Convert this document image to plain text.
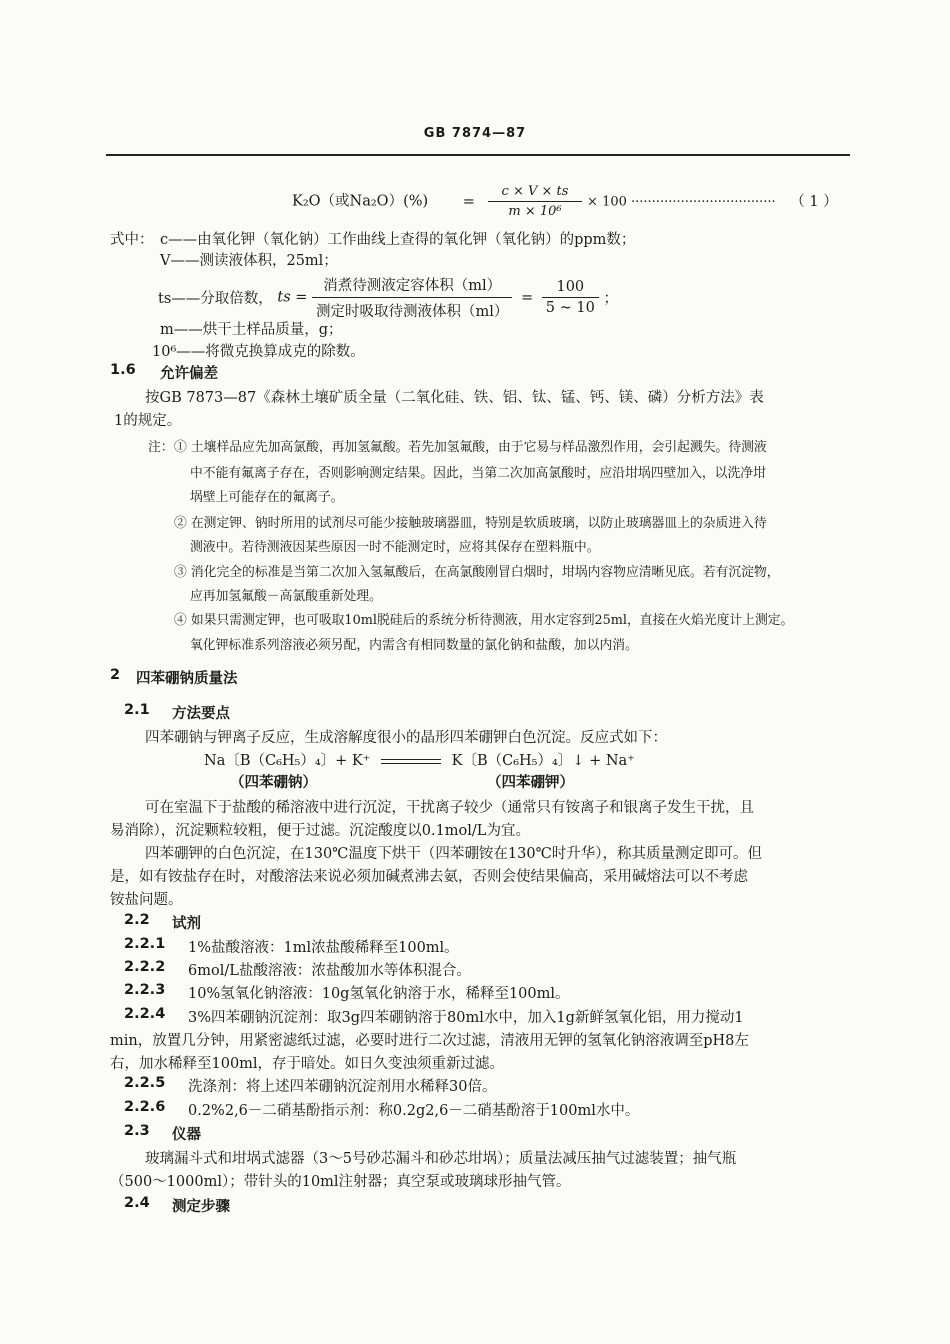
GB 7874—87
K₂O（或$Na_2O)(\%) = \frac{c \times V \times ts}{\text{m × 10⁶}} \times 100$ ··································· （ 1 ）
式中： c——由氧化钾（氧化钠）工作曲线上查得的氧化钾（氧化钠）的ppm数；
V——测读液体积，25ml；
ts——分取倍数， ts = $\frac{\text{消煮待测液定容体积（ml）}}{\text{测定时吸取待测液体积（ml）}} = \frac{100}{5 \sim 10}$ ；
m——烘干土样品质量，g；
10⁶——将微克换算成克的除数。
1.6 允许偏差
按GB 7873—87《森林土壤矿质全量（二氧化硅、铁、铝、钛、锰、钙、镁、磷）分析方法》表
1的规定。
注： ① 土壤样品应先加高氯酸，再加氢氟酸。若先加氢氟酸，由于它易与样品激烈作用，会引起溅失。待测液
中不能有氟离子存在，否则影响测定结果。因此，当第二次加高氯酸时，应沿坩埚四壁加入，以洗净坩
埚壁上可能存在的氟离子。
② 在测定钾、钠时所用的试剂尽可能少接触玻璃器皿，特别是软质玻璃，以防止玻璃器皿上的杂质进入待
测液中。若待测液因某些原因一时不能测定时，应将其保存在塑料瓶中。
③ 消化完全的标准是当第二次加入氢氟酸后，在高氯酸刚冒白烟时，坩埚内容物应清晰见底。若有沉淀物，
应再加氢氟酸－高氯酸重新处理。
④ 如果只需测定钾，也可吸取10ml脱硅后的系统分析待测液，用水定容到25ml，直接在火焰光度计上测定。
氧化钾标准系列溶液必须另配，内需含有相同数量的氯化钠和盐酸，加以内消。
2 四苯硼钠质量法
2.1 方法要点
四苯硼钠与钾离子反应，生成溶解度很小的晶形四苯硼钾白色沉淀。反应式如下：
Na〔B（C₆H₅）₄〕+ K⁺	K〔B（C₆H₅）₄〕↓ + Na⁺
（四苯硼钠）	（四苯硼钾）
可在室温下于盐酸的稀溶液中进行沉淀，干扰离子较少（通常只有铵离子和银离子发生干扰，且
易消除），沉淀颗粒较粗，便于过滤。沉淀酸度以0.1mol/L为宜。
四苯硼钾的白色沉淀，在130℃温度下烘干（四苯硼铵在130℃时升华），称其质量测定即可。但
是，如有铵盐存在时，对酸溶法来说必须加碱煮沸去氨，否则会使结果偏高，采用碱熔法可以不考虑
铵盐问题。
2.2 试剂
2.2.1 1%盐酸溶液：1ml浓盐酸稀释至100ml。
2.2.2 6mol/L盐酸溶液：浓盐酸加水等体积混合。
2.2.3 10%氢氧化钠溶液：10g氢氧化钠溶于水，稀释至100ml。
2.2.4 3%四苯硼钠沉淀剂：取3g四苯硼钠溶于80ml水中，加入1g新鲜氢氧化铝，用力搅动1
min，放置几分钟，用紧密滤纸过滤，必要时进行二次过滤，清液用无钾的氢氧化钠溶液调至pH8左
右，加水稀释至100ml，存于暗处。如日久变浊须重新过滤。
2.2.5 洗涤剂：将上述四苯硼钠沉淀剂用水稀释30倍。
2.2.6 0.2%2,6－二硝基酚指示剂：称0.2g2,6－二硝基酚溶于100ml水中。
2.3 仪器
玻璃漏斗式和坩埚式滤器（3～5号砂芯漏斗和砂芯坩埚）；质量法减压抽气过滤装置；抽气瓶
（500～1000ml）；带针头的10ml注射器；真空泵或玻璃球形抽气管。
2.4 测定步骤
